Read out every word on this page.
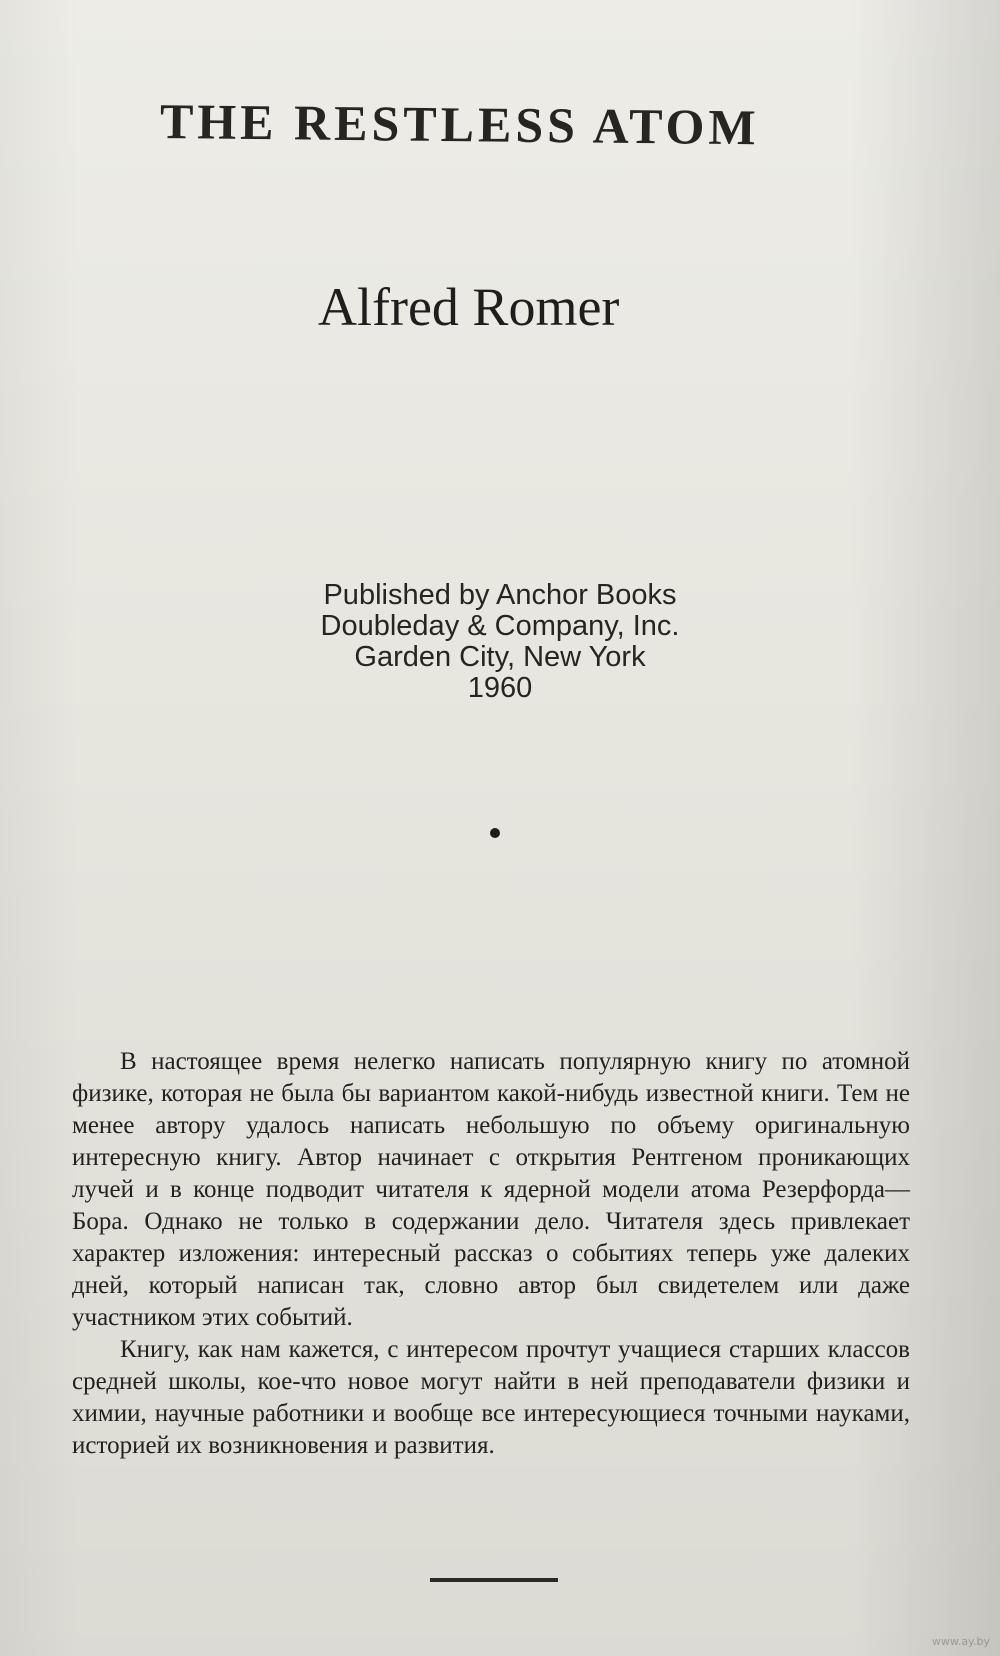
THE RESTLESS ATOM
Alfred Romer
Published by Anchor Books
Doubleday & Company, Inc.
Garden City, New York
1960

В настоящее время нелегко написать популярную книгу по атомной физике, которая не была бы вариантом какой-нибудь известной книги. Тем не менее автору удалось написать небольшую по объему оригинальную интересную книгу. Автор начинает с открытия Рентгеном проникающих лучей и в конце подводит читателя к ядерной модели атома Резерфорда—Бора. Однако не только в содержании дело. Читателя здесь привлекает характер изложения: интересный рассказ о событиях теперь уже далеких дней, который написан так, словно автор был свидетелем или даже участником этих событий.

Книгу, как нам кажется, с интересом прочтут учащиеся старших классов средней школы, кое-что новое могут найти в ней преподаватели физики и химии, научные работники и вообще все интересующиеся точными науками, историей их возникновения и развития.

www.ay.by
